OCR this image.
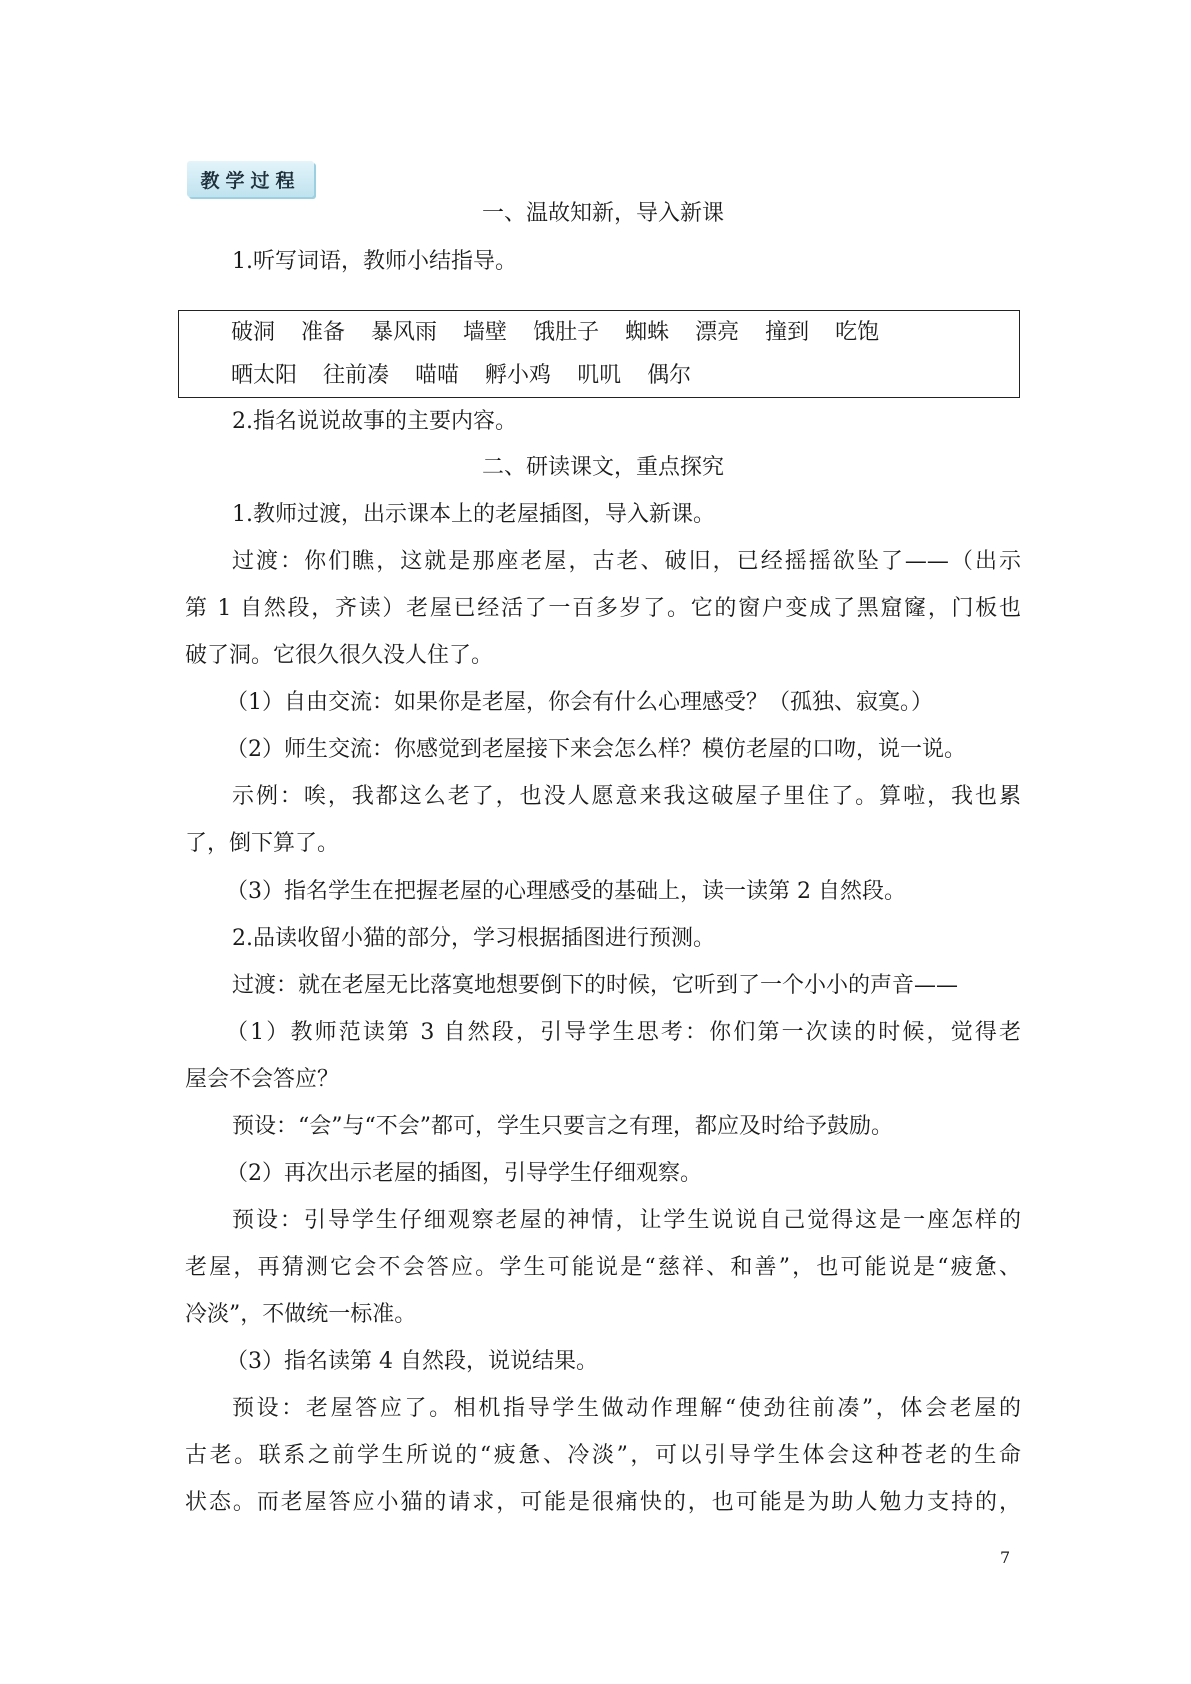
教学过程
一、温故知新，导入新课
1.听写词语，教师小结指导。
破洞 准备 暴风雨 墙壁 饿肚子 蜘蛛 漂亮 撞到 吃饱
晒太阳 往前凑 喵喵 孵小鸡 叽叽 偶尔
2.指名说说故事的主要内容。
二、研读课文，重点探究
1.教师过渡，出示课本上的老屋插图，导入新课。
过渡：你们瞧，这就是那座老屋，古老、破旧，已经摇摇欲坠了——（出示
第 1 自然段，齐读）老屋已经活了一百多岁了。它的窗户变成了黑窟窿，门板也
破了洞。它很久很久没人住了。
（1）自由交流：如果你是老屋，你会有什么心理感受？（孤独、寂寞。）
（2）师生交流：你感觉到老屋接下来会怎么样？模仿老屋的口吻，说一说。
示例：唉，我都这么老了，也没人愿意来我这破屋子里住了。算啦，我也累
了，倒下算了。
（3）指名学生在把握老屋的心理感受的基础上，读一读第 2 自然段。
2.品读收留小猫的部分，学习根据插图进行预测。
过渡：就在老屋无比落寞地想要倒下的时候，它听到了一个小小的声音——
（1）教师范读第 3 自然段，引导学生思考：你们第一次读的时候，觉得老
屋会不会答应？
预设：“会”与“不会”都可，学生只要言之有理，都应及时给予鼓励。
（2）再次出示老屋的插图，引导学生仔细观察。
预设：引导学生仔细观察老屋的神情，让学生说说自己觉得这是一座怎样的
老屋，再猜测它会不会答应。学生可能说是“慈祥、和善”，也可能说是“疲惫、
冷淡”，不做统一标准。
（3）指名读第 4 自然段，说说结果。
预设：老屋答应了。相机指导学生做动作理解“使劲往前凑”，体会老屋的
古老。联系之前学生所说的“疲惫、冷淡”，可以引导学生体会这种苍老的生命
状态。而老屋答应小猫的请求，可能是很痛快的，也可能是为助人勉力支持的，
7
